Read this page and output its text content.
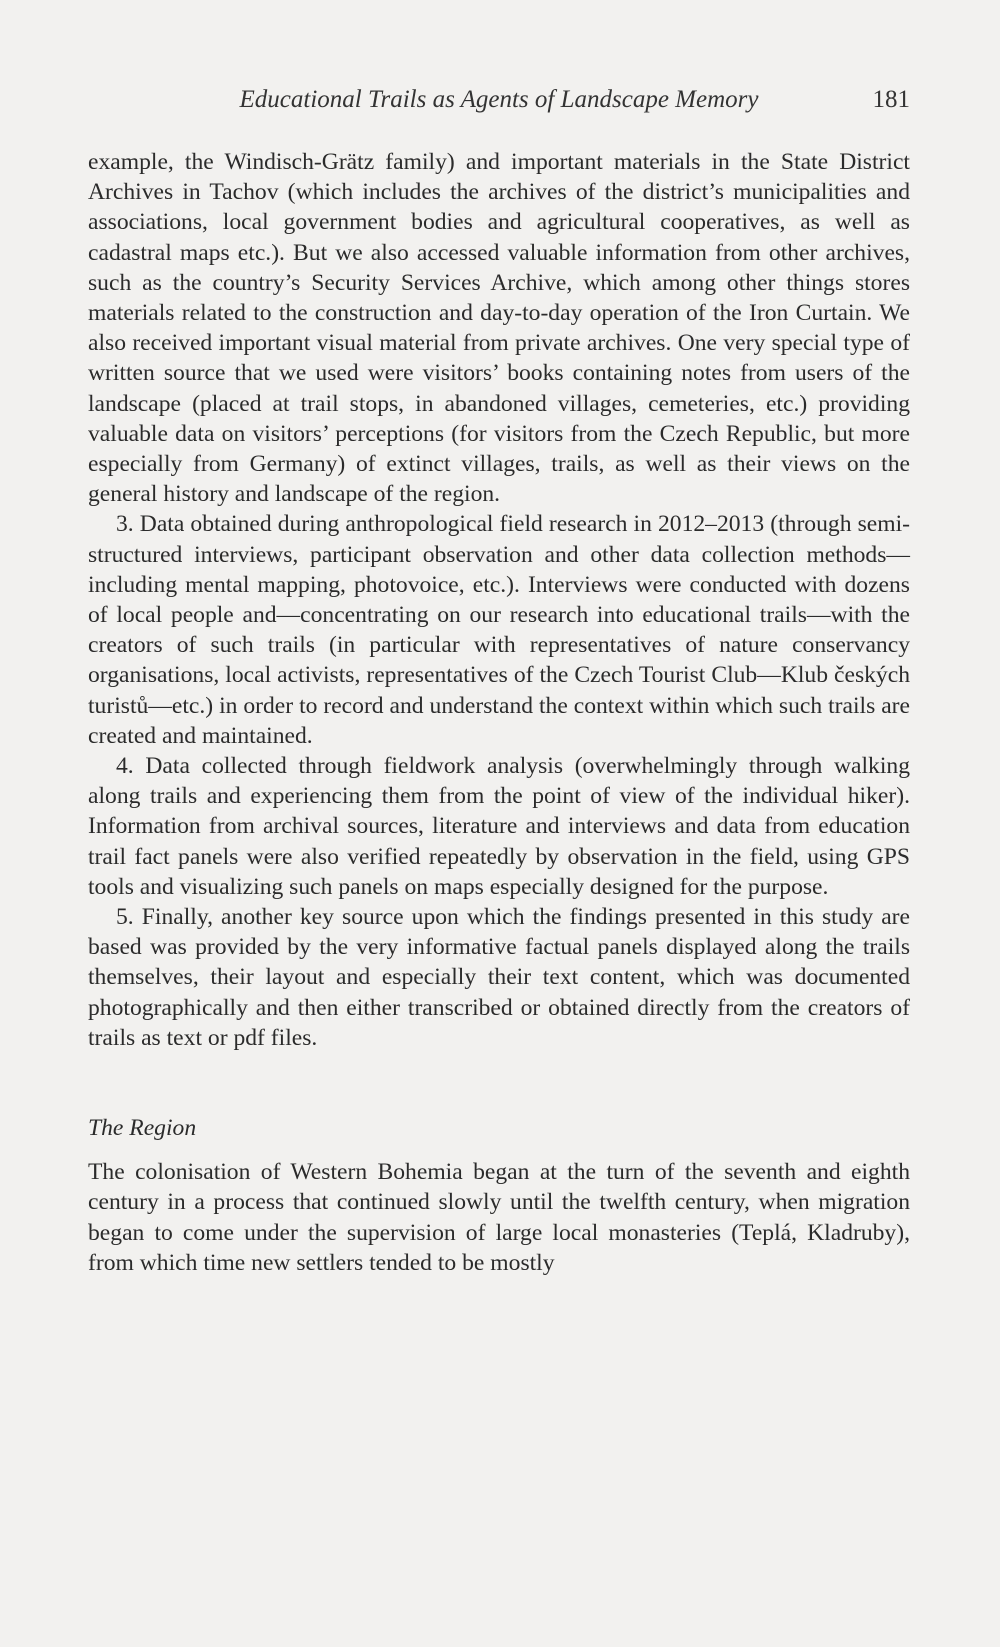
Educational Trails as Agents of Landscape Memory	181

example, the Windisch-Grätz family) and important materials in the State District Archives in Tachov (which includes the archives of the district’s municipalities and associations, local government bodies and agricultural cooperatives, as well as cadastral maps etc.). But we also accessed valuable information from other archives, such as the country’s Security Services Archive, which among other things stores materials related to the construction and day-to-day operation of the Iron Curtain. We also received important visual material from private archives. One very special type of written source that we used were visitors’ books containing notes from users of the landscape (placed at trail stops, in abandoned villages, cemeteries, etc.) providing valuable data on visitors’ perceptions (for visitors from the Czech Republic, but more especially from Germany) of extinct villages, trails, as well as their views on the general history and landscape of the region.

3. Data obtained during anthropological field research in 2012–2013 (through semi-structured interviews, participant observation and other data collection methods—including mental mapping, photovoice, etc.). Interviews were conducted with dozens of local people and—concentrating on our research into educational trails—with the creators of such trails (in particular with representatives of nature conservancy organisations, local activists, representatives of the Czech Tourist Club—Klub českých turistů—etc.) in order to record and understand the context within which such trails are created and maintained.

4. Data collected through fieldwork analysis (overwhelmingly through walking along trails and experiencing them from the point of view of the individual hiker). Information from archival sources, literature and interviews and data from education trail fact panels were also verified repeatedly by observation in the field, using GPS tools and visualizing such panels on maps especially designed for the purpose.

5. Finally, another key source upon which the findings presented in this study are based was provided by the very informative factual panels displayed along the trails themselves, their layout and especially their text content, which was documented photographically and then either transcribed or obtained directly from the creators of trails as text or pdf files.

The Region

The colonisation of Western Bohemia began at the turn of the seventh and eighth century in a process that continued slowly until the twelfth century, when migration began to come under the supervision of large local monasteries (Teplá, Kladruby), from which time new settlers tended to be mostly
